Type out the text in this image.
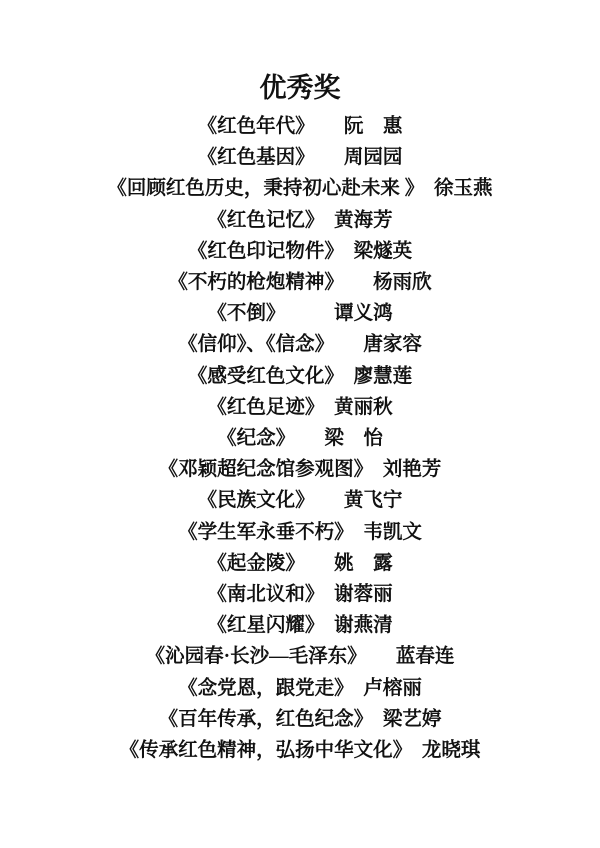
优秀奖
《红色年代》　　阮　惠
《红色基因》　　周园园
《回顾红色历史，秉持初心赴未来 》　徐玉燕
《红色记忆》　黄海芳
《红色印记物件》　梁燧英
《不朽的枪炮精神》　　杨雨欣
《不倒》　　　谭义鸿
《信仰》、《信念》　　唐家容
《感受红色文化》　廖慧莲
《红色足迹》　黄丽秋
《纪念》　　梁　怡
《邓颖超纪念馆参观图》　刘艳芳
《民族文化》　　黄飞宁
《学生军永垂不朽》　韦凯文
《起金陵》　　姚　露
《南北议和》　谢蓉丽
《红星闪耀》　谢燕清
《沁园春·长沙—毛泽东》　　蓝春连
《念党恩，跟党走》　卢榕丽
《百年传承，红色纪念》　梁艺婷
《传承红色精神，弘扬中华文化》　龙晓琪
